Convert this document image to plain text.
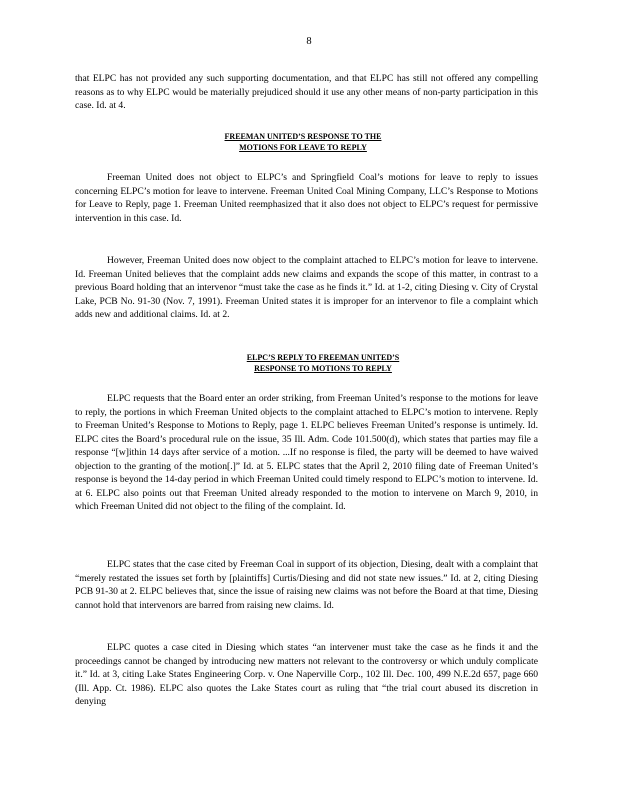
8

that ELPC has not provided any such supporting documentation, and that ELPC has still not offered any compelling reasons as to why ELPC would be materially prejudiced should it use any other means of non-party participation in this case. Id. at 4.

FREEMAN UNITED’S RESPONSE TO THE
MOTIONS FOR LEAVE TO REPLY

Freeman United does not object to ELPC’s and Springfield Coal’s motions for leave to reply to issues concerning ELPC’s motion for leave to intervene. Freeman United Coal Mining Company, LLC’s Response to Motions for Leave to Reply, page 1. Freeman United reemphasized that it also does not object to ELPC’s request for permissive intervention in this case. Id.

However, Freeman United does now object to the complaint attached to ELPC’s motion for leave to intervene. Id. Freeman United believes that the complaint adds new claims and expands the scope of this matter, in contrast to a previous Board holding that an intervenor “must take the case as he finds it.” Id. at 1-2, citing Diesing v. City of Crystal Lake, PCB No. 91-30 (Nov. 7, 1991). Freeman United states it is improper for an intervenor to file a complaint which adds new and additional claims. Id. at 2.

ELPC’S REPLY TO FREEMAN UNITED’S
RESPONSE TO MOTIONS TO REPLY

ELPC requests that the Board enter an order striking, from Freeman United’s response to the motions for leave to reply, the portions in which Freeman United objects to the complaint attached to ELPC’s motion to intervene. Reply to Freeman United’s Response to Motions to Reply, page 1. ELPC believes Freeman United’s response is untimely. Id. ELPC cites the Board’s procedural rule on the issue, 35 Ill. Adm. Code 101.500(d), which states that parties may file a response “[w]ithin 14 days after service of a motion. ...If no response is filed, the party will be deemed to have waived objection to the granting of the motion[.]” Id. at 5. ELPC states that the April 2, 2010 filing date of Freeman United’s response is beyond the 14-day period in which Freeman United could timely respond to ELPC’s motion to intervene. Id. at 6. ELPC also points out that Freeman United already responded to the motion to intervene on March 9, 2010, in which Freeman United did not object to the filing of the complaint. Id.

ELPC states that the case cited by Freeman Coal in support of its objection, Diesing, dealt with a complaint that “merely restated the issues set forth by [plaintiffs] Curtis/Diesing and did not state new issues.” Id. at 2, citing Diesing PCB 91-30 at 2. ELPC believes that, since the issue of raising new claims was not before the Board at that time, Diesing cannot hold that intervenors are barred from raising new claims. Id.

ELPC quotes a case cited in Diesing which states “an intervener must take the case as he finds it and the proceedings cannot be changed by introducing new matters not relevant to the controversy or which unduly complicate it.” Id. at 3, citing Lake States Engineering Corp. v. One Naperville Corp., 102 Ill. Dec. 100, 499 N.E.2d 657, page 660 (Ill. App. Ct. 1986). ELPC also quotes the Lake States court as ruling that “the trial court abused its discretion in denying
